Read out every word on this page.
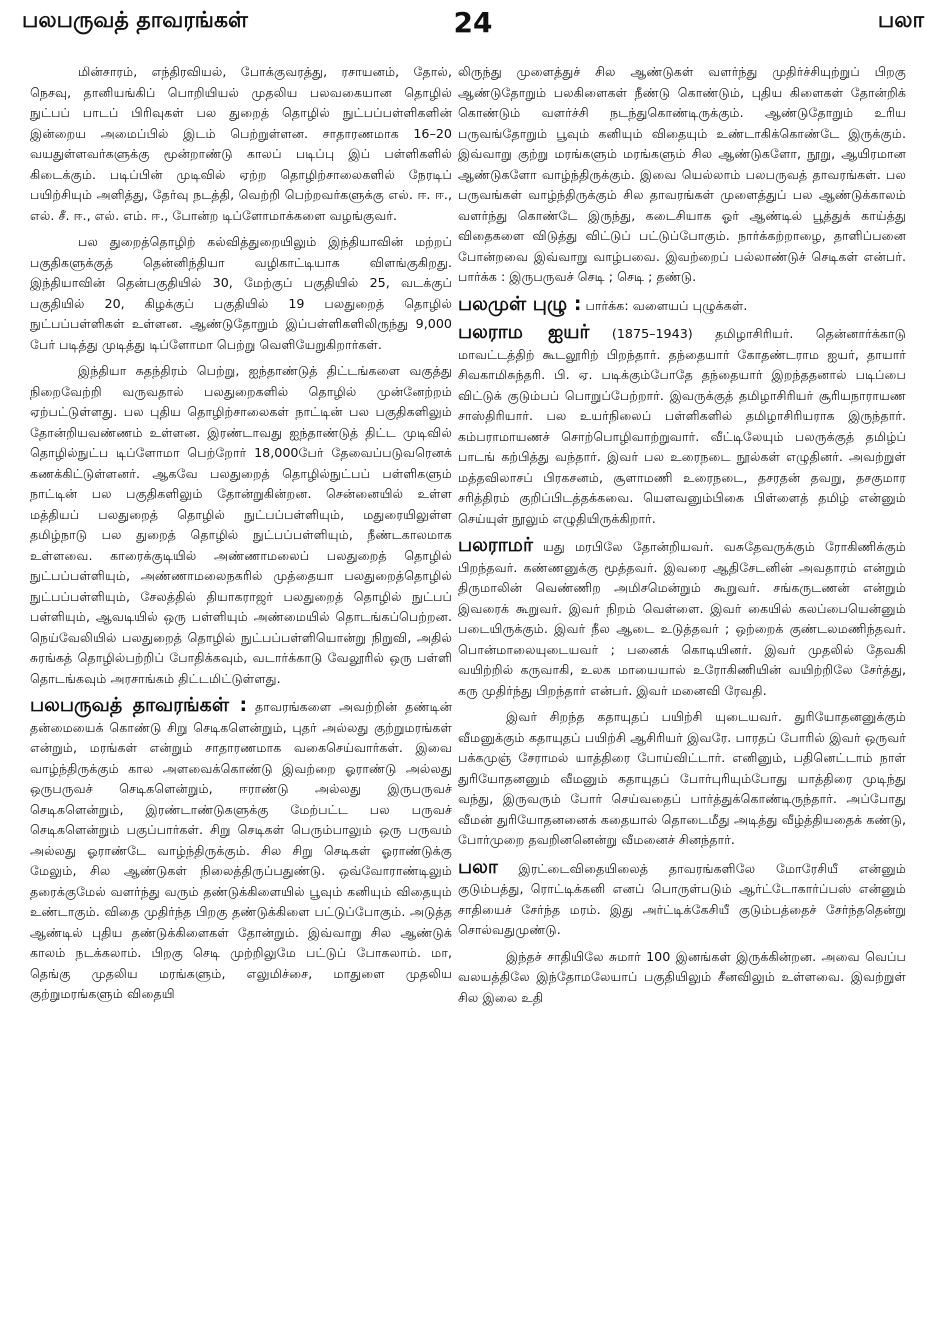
பலபருவத் தாவரங்கள்	24	பலா

மின்சாரம், எந்திரவியல், போக்குவரத்து, ரசாயனம், தோல், நெசவு, தானியங்கிப் பொறியியல் முதலிய பலவகையான தொழில் நுட்பப் பாடப் பிரிவுகள் பல துறைத் தொழில் நுட்பப்பள்ளிகளின் இன்றைய அமைப்பில் இடம் பெற்றுள்ளன. சாதாரணமாக 16–20 வயதுள்ளவர்களுக்கு மூன்றாண்டு காலப் படிப்பு இப் பள்ளிகளில் கிடைக்கும். படிப்பின் முடிவில் ஏற்ற தொழிற்சாலைகளில் நேரடிப் பயிற்சியும் அளித்து, தேர்வு நடத்தி, வெற்றி பெற்றவர்களுக்கு எல். ஈ. ஈ., எல். சீ. ஈ., எல். எம். ஈ., போன்ற டிப்ளோமாக்களை வழங்குவர்.

பல துறைத்தொழிற் கல்வித்துறையிலும் இந்தியாவின் மற்றப் பகுதிகளுக்குத் தென்னிந்தியா வழிகாட்டியாக விளங்குகிறது. இந்தியாவின் தென்பகுதியில் 30, மேற்குப் பகுதியில் 25, வடக்குப் பகுதியில் 20, கிழக்குப் பகுதியில் 19 பலதுறைத் தொழில் நுட்பப்பள்ளிகள் உள்ளன. ஆண்டுதோறும் இப்பள்ளிகளிலிருந்து 9,000 பேர் படித்து முடித்து டிப்ளோமா பெற்று வெளியேறுகிறார்கள்.

இந்தியா சுதந்திரம் பெற்று, ஐந்தாண்டுத் திட்டங்களை வகுத்து நிறைவேற்றி வருவதால் பலதுறைகளில் தொழில் முன்னேற்றம் ஏற்பட்டுள்ளது. பல புதிய தொழிற்சாலைகள் நாட்டின் பல பகுதிகளிலும் தோன்றியவண்ணம் உள்ளன. இரண்டாவது ஐந்தாண்டுத் திட்ட முடிவில் தொழில்நுட்ப டிப்ளோமா பெற்றோர் 18,000பேர் தேவைப்படுவரெனக் கணக்கிட்டுள்ளனர். ஆகவே பலதுறைத் தொழில்நுட்பப் பள்ளிகளும் நாட்டின் பல பகுதிகளிலும் தோன்றுகின்றன. சென்னையில் உள்ள மத்தியப் பலதுறைத் தொழில் நுட்பப்பள்ளியும், மதுரையிலுள்ள தமிழ்நாடு பல துறைத் தொழில் நுட்பப்பள்ளியும், நீண்டகாலமாக உள்ளவை. காரைக்குடியில் அண்ணாமலைப் பலதுறைத் தொழில் நுட்பப்பள்ளியும், அண்ணாமலைநகரில் முத்தையா பலதுறைத்தொழில் நுட்பப்பள்ளியும், சேலத்தில் தியாகராஜர் பலதுறைத் தொழில் நுட்பப் பள்ளியும், ஆவடியில் ஒரு பள்ளியும் அண்மையில் தொடங்கப்பெற்றன. நெய்வேலியில் பலதுறைத் தொழில் நுட்பப்பள்ளியொன்று நிறுவி, அதில் சுரங்கத் தொழில்பற்றிப் போதிக்கவும், வடார்க்காடு வேலூரில் ஒரு பள்ளி தொடங்கவும் அரசாங்கம் திட்டமிட்டுள்ளது.

பலபருவத் தாவரங்கள் : தாவரங்களை அவற்றின் தண்டின் தன்மையைக் கொண்டு சிறு செடிகளென்றும், புதர் அல்லது குற்றுமரங்கள் என்றும், மரங்கள் என்றும் சாதாரணமாக வகைசெய்வார்கள். இவை வாழ்ந்திருக்கும் கால அளவைக்கொண்டு இவற்றை ஓராண்டு அல்லது ஒருபருவச் செடிகளென்றும், ஈராண்டு அல்லது இருபருவச் செடிகளென்றும், இரண்டாண்டுகளுக்கு மேற்பட்ட பல பருவச் செடிகளென்றும் பகுப்பார்கள். சிறு செடிகள் பெரும்பாலும் ஒரு பருவம் அல்லது ஓராண்டே வாழ்ந்திருக்கும். சில சிறு செடிகள் ஓராண்டுக்கு மேலும், சில ஆண்டுகள் நிலைத்திருப்பதுண்டு. ஒவ்வோராண்டிலும் தரைக்குமேல் வளர்ந்து வரும் தண்டுக்கிளையில் பூவும் கனியும் விதையும் உண்டாகும். விதை முதிர்ந்த பிறகு தண்டுக்கிளை பட்டுப்போகும். அடுத்த ஆண்டில் புதிய தண்டுக்கிளைகள் தோன்றும். இவ்வாறு சில ஆண்டுக் காலம் நடக்கலாம். பிறகு செடி முற்றிலுமே பட்டுப் போகலாம். மா, தெங்கு முதலிய மரங்களும், எலுமிச்சை, மாதுளை முதலிய குற்றுமரங்களும் விதையி

லிருந்து முளைத்துச் சில ஆண்டுகள் வளர்ந்து முதிர்ச்சியுற்றுப் பிறகு ஆண்டுதோறும் பலகிளைகள் நீண்டு கொண்டும், புதிய கிளைகள் தோன்றிக் கொண்டும் வளர்ச்சி நடந்துகொண்டிருக்கும். ஆண்டுதோறும் உரிய பருவங்தோறும் பூவும் கனியும் விதையும் உண்டாகிக்கொண்டே இருக்கும். இவ்வாறு குற்று மரங்களும் மரங்களும் சில ஆண்டுகளோ, நூறு, ஆயிரமான ஆண்டுகளோ வாழ்ந்திருக்கும். இவை யெல்லாம் பலபருவத் தாவரங்கள். பல பருவங்கள் வாழ்ந்திருக்கும் சில தாவரங்கள் முளைத்துப் பல ஆண்டுக்காலம் வளர்ந்து கொண்டே இருந்து, கடைசியாக ஓர் ஆண்டில் பூத்துக் காய்த்து விதைகளை விடுத்து விட்டுப் பட்டுப்போகும். நார்க்கற்றாழை, தாளிப்பனை போன்றவை இவ்வாறு வாழ்பவை. இவற்றைப் பல்லாண்டுச் செடிகள் என்பர். பார்க்க : இருபருவச் செடி ; செடி ; தண்டு.

பலமுள் புழு : பார்க்க: வளையப் புழுக்கள்.

பலராம ஐயர் (1875–1943) தமிழாசிரியர். தென்னார்க்காடு மாவட்டத்திற் கூடலூரிற் பிறந்தார். தந்தையார் கோதண்டராம ஐயர், தாயார் சிவகாமிசுந்தரி. பி. ஏ. படிக்கும்போதே தந்தையார் இறந்ததனால் படிப்பை விட்டுக் குடும்பப் பொறுப்பேற்றார். இவருக்குத் தமிழாசிரியர் சூரியநாராயண சாஸ்திரியார். பல உயர்நிலைப் பள்ளிகளில் தமிழாசிரியராக இருந்தார். கம்பராமாயணச் சொற்பொழிவாற்றுவார். வீட்டிலேயும் பலருக்குத் தமிழ்ப் பாடங் கற்பித்து வந்தார். இவர் பல உரைநடை நூல்கள் எழுதினர். அவற்றுள் மத்தவிலாசப் பிரகசனம், சூளாமணி உரைநடை, தசரதன் தவறு, தசகுமார சரித்திரம் குறிப்பிடத்தக்கவை. யௌவனும்பிகை பிள்ளைத் தமிழ் என்னும் செய்யுள் நூலும் எழுதியிருக்கிறார்.

பலராமர் யது மரபிலே தோன்றியவர். வசுதேவருக்கும் ரோகிணிக்கும் பிறந்தவர். கண்ணனுக்கு மூத்தவர். இவரை ஆதிசேடனின் அவதாரம் என்றும் திருமாலின் வெண்ணிற அமிசமென்றும் கூறுவர். சங்கருடணன் என்றும் இவரைக் கூறுவர். இவர் நிறம் வெள்ளை. இவர் கையில் கலப்பையென்னும் படையிருக்கும். இவர் நீல ஆடை உடுத்தவர் ; ஒற்றைக் குண்டலமணிந்தவர். பொன்மாலையுடையவர் ; பனைக் கொடியினர். இவர் முதலில் தேவகி வயிற்றில் கருவாகி, உலக மாயையால் உரோகிணியின் வயிற்றிலே சேர்த்து, கரு முதிர்ந்து பிறந்தார் என்பர். இவர் மனைவி ரேவதி.

இவர் சிறந்த கதாயுதப் பயிற்சி யுடையவர். துரியோதனனுக்கும் வீமனுக்கும் கதாயுதப் பயிற்சி ஆசிரியர் இவரே. பாரதப் போரில் இவர் ஒருவர் பக்கமுஞ் சேராமல் யாத்திரை போய்விட்டார். எனினும், பதினெட்டாம் நாள் துரியோதனனும் வீமனும் கதாயுதப் போர்புரியும்போது யாத்திரை முடிந்து வந்து, இருவரும் போர் செய்வதைப் பார்த்துக்கொண்டிருந்தார். அப்போது வீமன் துரியோதனனைக் கதையால் தொடைமீது அடித்து வீழ்த்தியதைக் கண்டு, போர்முறை தவறினனென்று வீமனைச் சினந்தார்.

பலா இரட்டைவிதையிலைத் தாவரங்களிலே மோரேசியீ என்னும் குடும்பத்து, ரொட்டிக்கனி எனப் பொருள்படும் ஆர்ட்டோகார்ப்பஸ் என்னும் சாதியைச் சேர்ந்த மரம். இது அர்ட்டிக்கேசியீ குடும்பத்தைச் சேர்ந்ததென்று சொல்வதுமுண்டு.

இந்தச் சாதியிலே சுமார் 100 இனங்கள் இருக்கின்றன. அவை வெப்ப வலயத்திலே இந்தோமலேயாப் பகுதியிலும் சீனவிலும் உள்ளவை. இவற்றுள் சில இலை உதி
